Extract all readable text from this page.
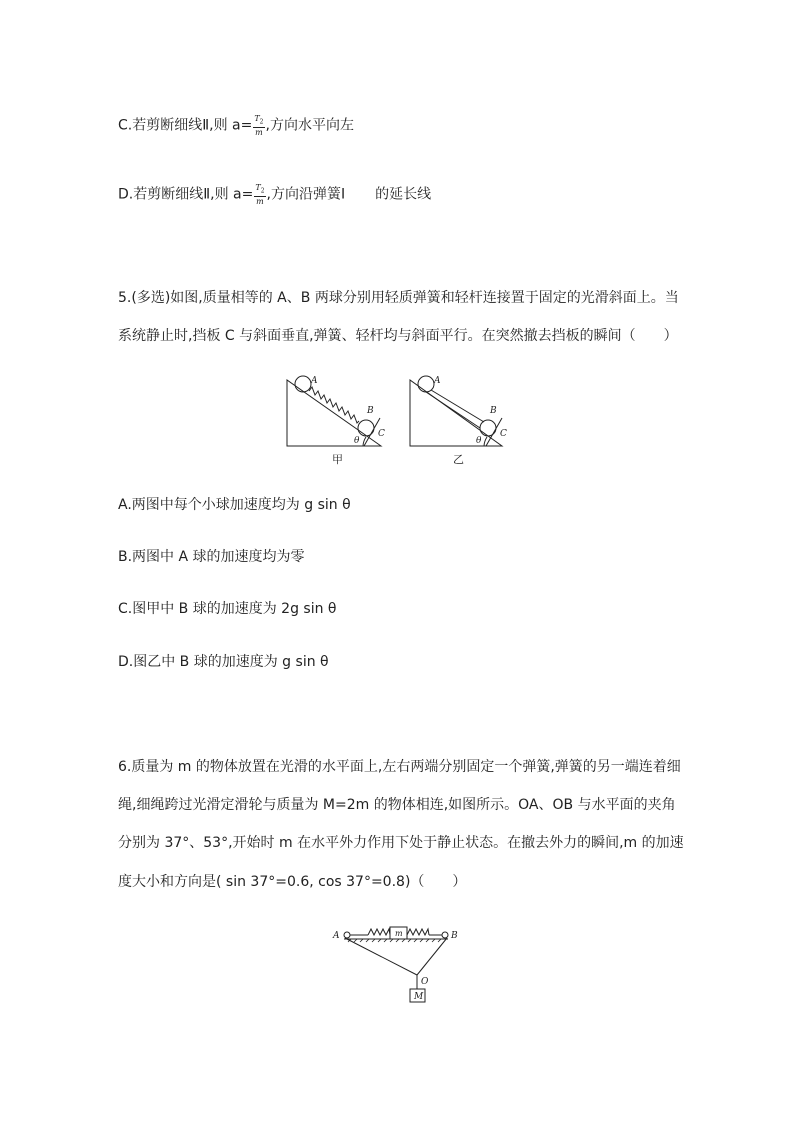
C.若剪断细线Ⅱ,则 $a= \frac{T_2}{m}$ ,方向水平向左
D.若剪断细线Ⅱ,则 $a= \frac{T_2}{m}$ ,方向沿弹簧Ⅰ 的延长线
5.(多选)如图,质量相等的 A、B 两球分别用轻质弹簧和轻杆连接置于固定的光滑斜面上。当
系统静止时,挡板 C 与斜面垂直,弹簧、轻杆均与斜面平行。在突然撤去挡板的瞬间（　　）
A
B
C
θ
甲
A
B
C
θ
乙
A.两图中每个小球加速度均为 g sin θ
B.两图中 A 球的加速度均为零
C.图甲中 B 球的加速度为 2g sin θ
D.图乙中 B 球的加速度为 g sin θ
6.质量为 m 的物体放置在光滑的水平面上,左右两端分别固定一个弹簧,弹簧的另一端连着细
绳,细绳跨过光滑定滑轮与质量为 M=2m 的物体相连,如图所示。OA、OB 与水平面的夹角
分别为 37°、53°,开始时 m 在水平外力作用下处于静止状态。在撤去外力的瞬间,m 的加速
度大小和方向是( sin 37°=0.6, cos 37°=0.8)（　　）
A	B
m
O
M
